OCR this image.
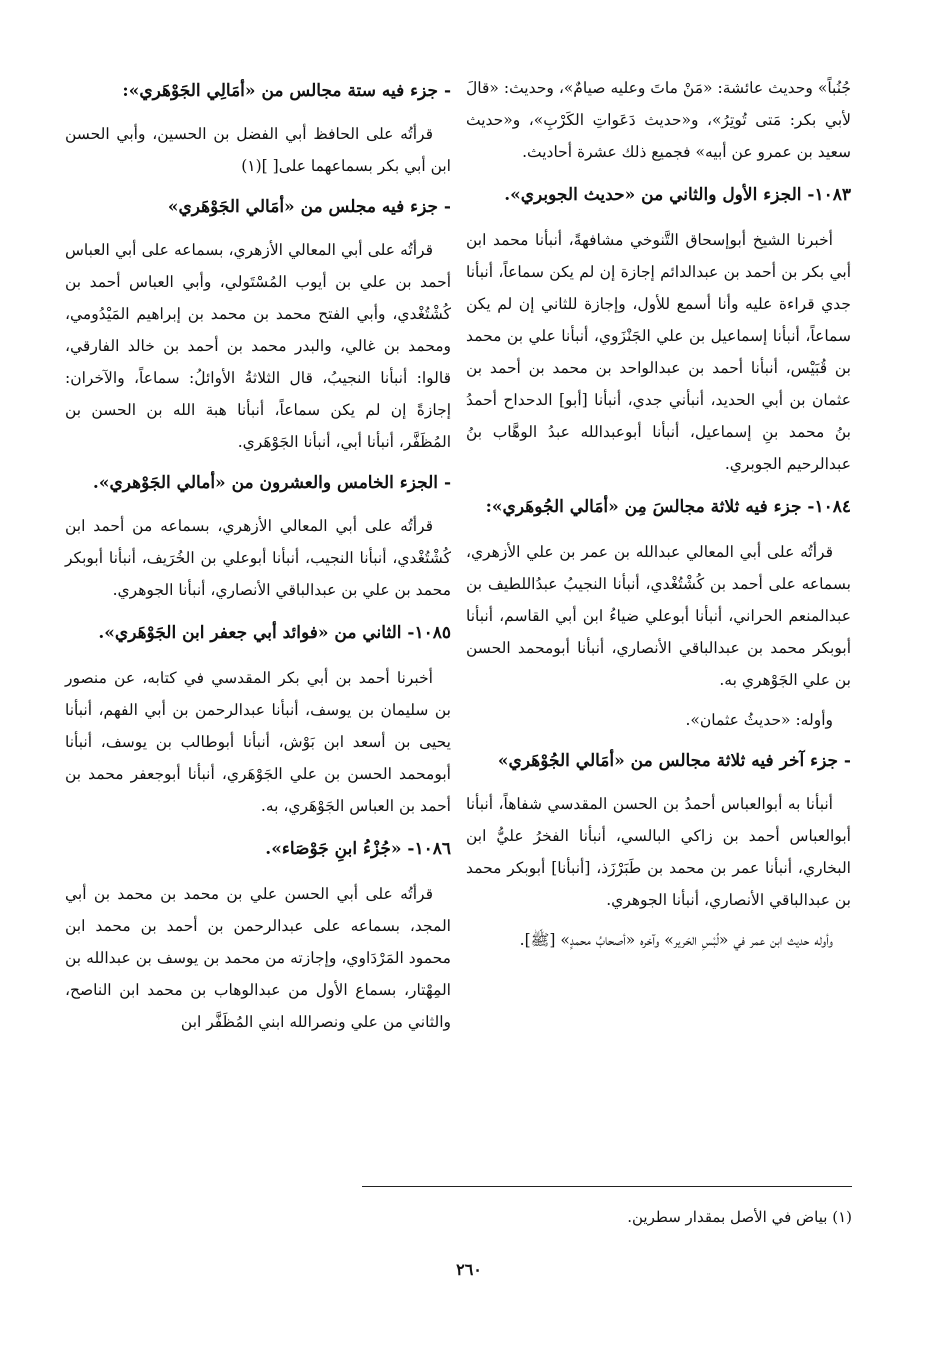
جُنُباً» وحديث عائشة: «مَنْ ماتَ وعليه صيامٌ»، وحديث: «قالَ لأبي بكر: مَتى تُوتِرُ»، و«حديث دَعَواتِ الكَرْبِ»، و«حديث سعيد بن عمرو عن أبيه» فجميع ذلك عشرة أحاديث.

١٠٨٣- الجزء الأول والثاني من «حديث الجوبري».

أخبرنا الشيخ أبوإسحاق التَّنوخي مشافهةً، أنبأنا محمد ابن أبي بكر بن أحمد بن عبدالدائم إجازة إن لم يكن سماعاً، أنبأنا جدي قراءة عليه وأنا أسمع للأول، وإجازة للثاني إن لم يكن سماعاً، أنبأنا إسماعيل بن علي الجَنْزَوي، أنبأنا علي بن محمد بن قُبَيْس، أنبأنا أحمد بن عبدالواحد بن محمد بن أحمد بن عثمان بن أبي الحديد، أنبأني جدي، أنبأنا [أبو] الدحداح أحمدُ بنُ محمد بنِ إسماعيل، أنبأنا أبوعبدالله عبدُ الوهَّاب بنُ عبدالرحيم الجوبري.

١٠٨٤- جزء فيه ثلاثة مجالسَ مِن «أمَالي الجُوهَري»:

قرأتُه على أبي المعالي عبدالله بن عمر بن علي الأزهري، بسماعه على أحمد بن كُشْتُغْدي، أنبأنا النجيبُ عبدُاللطيف بن عبدالمنعم الحراني، أنبأنا أبوعلي ضياءُ ابن أبي القاسم، أنبأنا أبوبكر محمد بن عبدالباقي الأنصاري، أنبأنا أبومحمد الحسن بن علي الجَوْهري به.

وأوله: «حديثُ عثمان».

- جزء آخر فيه ثلاثة مجالس من «أمَالي الجُوْهَري»

أنبأنا به أبوالعباس أحمدُ بن الحسن المقدسي شفاهاً، أنبأنا أبوالعباس أحمد بن زاكي البالسي، أنبأنا الفخرُ عليُّ ابن البخاري، أنبأنا عمر بن محمد بن طَبَرْزَذ، [أنبأنا] أبوبكر محمد بن عبدالباقي الأنصاري، أنبأنا الجوهري.

وأوله حديث ابن عمر في «لُبْسِ الحَرير» وآخره «أصحابُ محمدٍ» [ﷺ].

- جزء فيه ستة مجالس من «أمَالِي الجَوْهَري»:

قرأتُه على الحافظ أبي الفضل بن الحسين، وأبي الحسن ابن أبي بكر بسماعهما على[ ](١)

- جزء فيه مجلس من «أمَالي الجَوْهَري»

قرأتُه على أبي المعالي الأزهري، بسماعه على أبي العباس أحمد بن علي بن أيوب المُسْتَولي، وأبي العباس أحمد بن كُشْتُغْدي، وأبي الفتح محمد بن محمد بن إبراهيم المَيْدُومي، ومحمد بن غالي، والبدر محمد بن أحمد بن خالد الفارقي، قالوا: أنبأنا النجيبُ، قال الثلاثةُ الأوائلُ: سماعاً، والآخران: إجازةً إن لم يكن سماعاً، أنبأنا هبة الله بن الحسن بن المُظَفَّر، أنبأنا أبي، أنبأنا الجَوْهَري.

- الجزء الخامس والعشرون من «أمالي الجَوْهري».

قرأتُه على أبي المعالي الأزهري، بسماعه من أحمد ابن كُشْتُغْدي، أنبأنا النجيب، أنبأنا أبوعلي بن الخُرَيف، أنبأنا أبوبكر محمد بن علي بن عبدالباقي الأنصاري، أنبأنا الجوهري.

١٠٨٥- الثاني من «فوائد أبي جعفر ابن الجَوْهَري».

أخبرنا أحمد بن أبي بكر المقدسي في كتابه، عن منصور بن سليمان بن يوسف، أنبأنا عبدالرحمن بن أبي الفهم، أنبأنا يحيى بن أسعد ابن بَوْش، أنبأنا أبوطالب بن يوسف، أنبأنا أبومحمد الحسن بن علي الجَوْهَري، أنبأنا أبوجعفر محمد بن أحمد بن العباس الجَوْهَري، به.

١٠٨٦- «جُزْءُ ابنِ جَوْصَاء».

قرأتُه على أبي الحسن علي بن محمد بن محمد بن أبي المجد، بسماعه على عبدالرحمن بن أحمد بن محمد ابن محمود المَرْدَاوي، وإجازته من محمد بن يوسف بن عبدالله بن المِهْتار، بسماع الأول من عبدالوهاب بن محمد ابن الناصح، والثاني من علي ونصرالله ابني المُظَفَّر ابن

(١) بياض في الأصل بمقدار سطرين.
٢٦٠
